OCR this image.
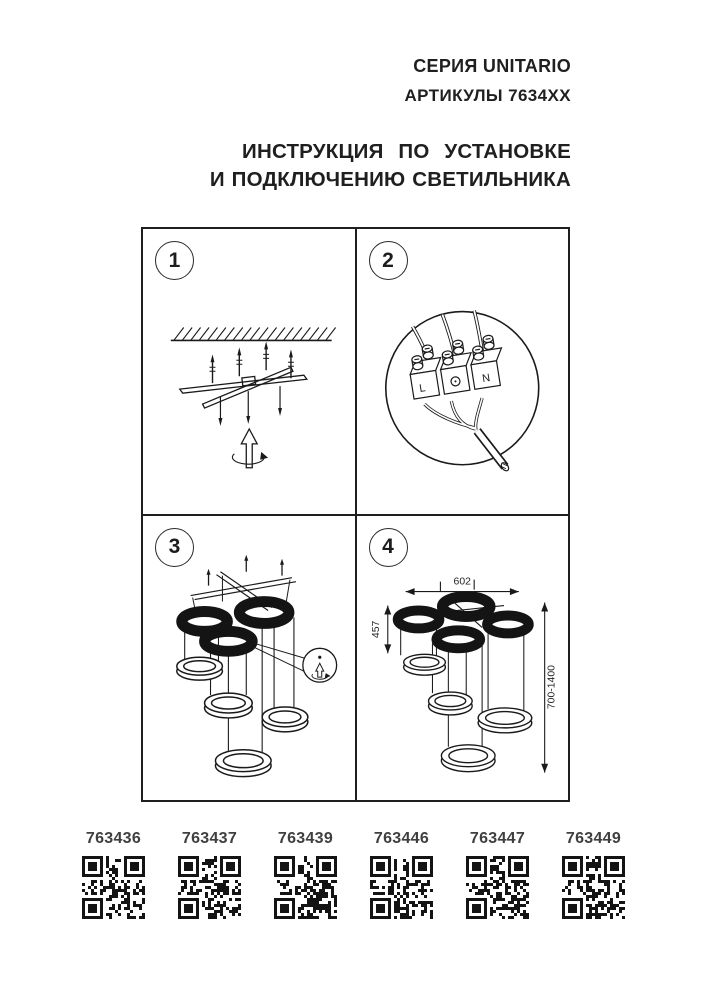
СЕРИЯ UNITARIO
АРТИКУЛЫ 7634XX
ИНСТРУКЦИЯ ПО УСТАНОВКЕ
И ПОДКЛЮЧЕНИЮ СВЕТИЛЬНИКА
1	2
L
N
3	4
602
457
700-1400
763436	763437	763439	763446	763447	763449
